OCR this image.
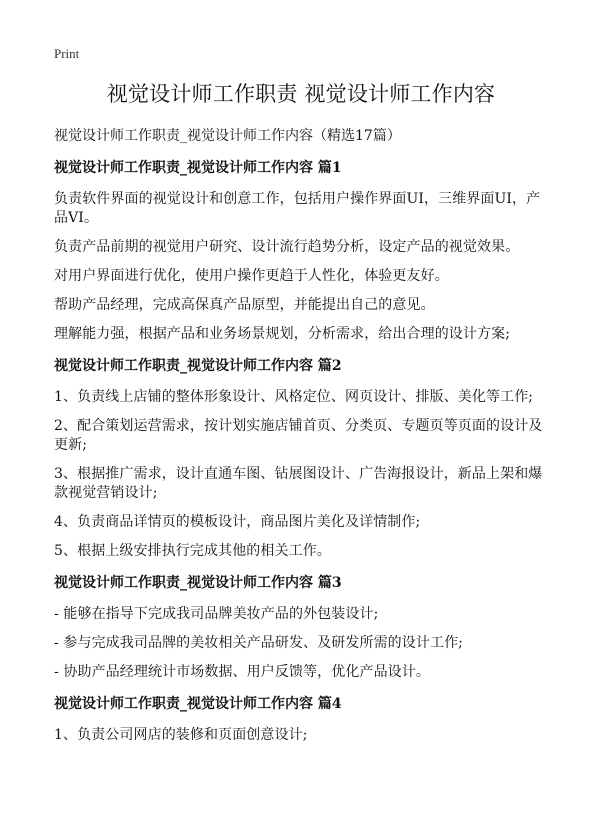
Print
视觉设计师工作职责 视觉设计师工作内容
视觉设计师工作职责_视觉设计师工作内容（精选17篇）
视觉设计师工作职责_视觉设计师工作内容 篇1

负责软件界面的视觉设计和创意工作，包括用户操作界面UI，三维界面UI，产品VI。

负责产品前期的视觉用户研究、设计流行趋势分析，设定产品的视觉效果。

对用户界面进行优化，使用户操作更趋于人性化，体验更友好。

帮助产品经理，完成高保真产品原型，并能提出自己的意见。

理解能力强，根据产品和业务场景规划，分析需求，给出合理的设计方案;

视觉设计师工作职责_视觉设计师工作内容 篇2

1、负责线上店铺的整体形象设计、风格定位、网页设计、排版、美化等工作;

2、配合策划运营需求，按计划实施店铺首页、分类页、专题页等页面的设计及更新;

3、根据推广需求，设计直通车图、钻展图设计、广告海报设计，新品上架和爆款视觉营销设计;

4、负责商品详情页的模板设计，商品图片美化及详情制作;

5、根据上级安排执行完成其他的相关工作。

视觉设计师工作职责_视觉设计师工作内容 篇3

- 能够在指导下完成我司品牌美妆产品的外包装设计;

- 参与完成我司品牌的美妆相关产品研发、及研发所需的设计工作;

- 协助产品经理统计市场数据、用户反馈等，优化产品设计。

视觉设计师工作职责_视觉设计师工作内容 篇4

1、负责公司网店的装修和页面创意设计;
